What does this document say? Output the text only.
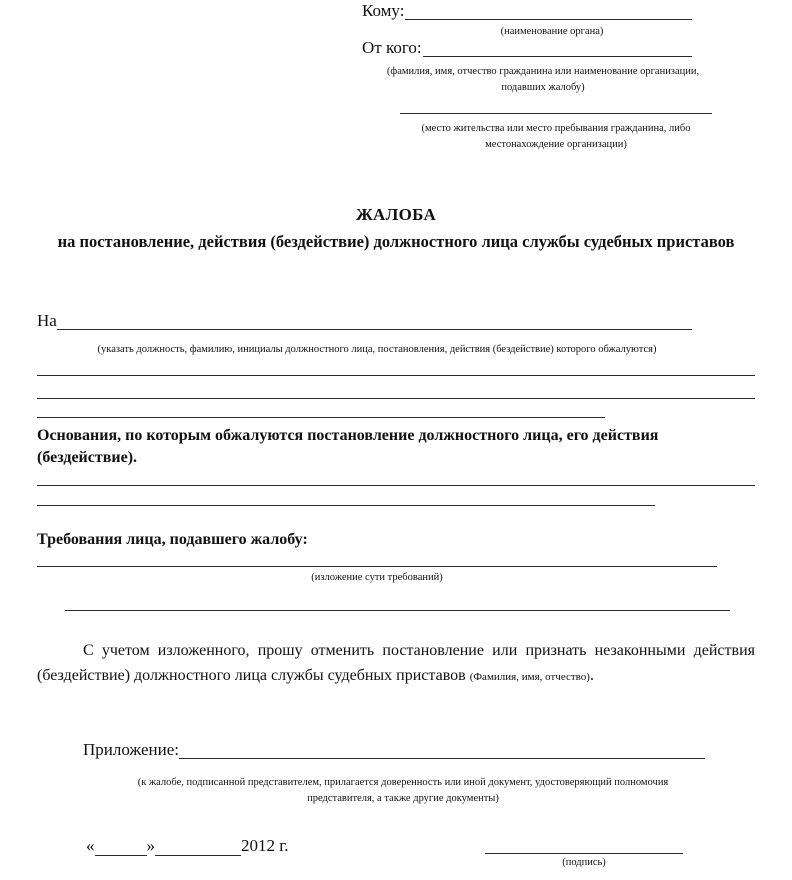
Кому:
(наименование органа)
От кого:
(фамилия, имя, отчество гражданина или наименование организации,
подавших жалобу)
(место жительства или место пребывания гражданина, либо
местонахождение организации)
ЖАЛОБА
на постановление, действия (бездействие) должностного лица службы судебных приставов
На
(указать должность, фамилию, инициалы должностного лица, постановления, действия (бездействие) которого обжалуются)
Основания, по которым обжалуются постановление должностного лица, его действия (бездействие).
Требования лица, подавшего жалобу:
(изложение сути требований)
С учетом изложенного, прошу отменить постановление или признать незаконными действия (бездействие) должностного лица службы судебных приставов (Фамилия, имя, отчество).
Приложение:
(к жалобе, подписанной представителем, прилагается доверенность или иной документ, удостоверяющий полномочия
представителя, а также другие документы)
«	»	2012 г.
(подпись)
